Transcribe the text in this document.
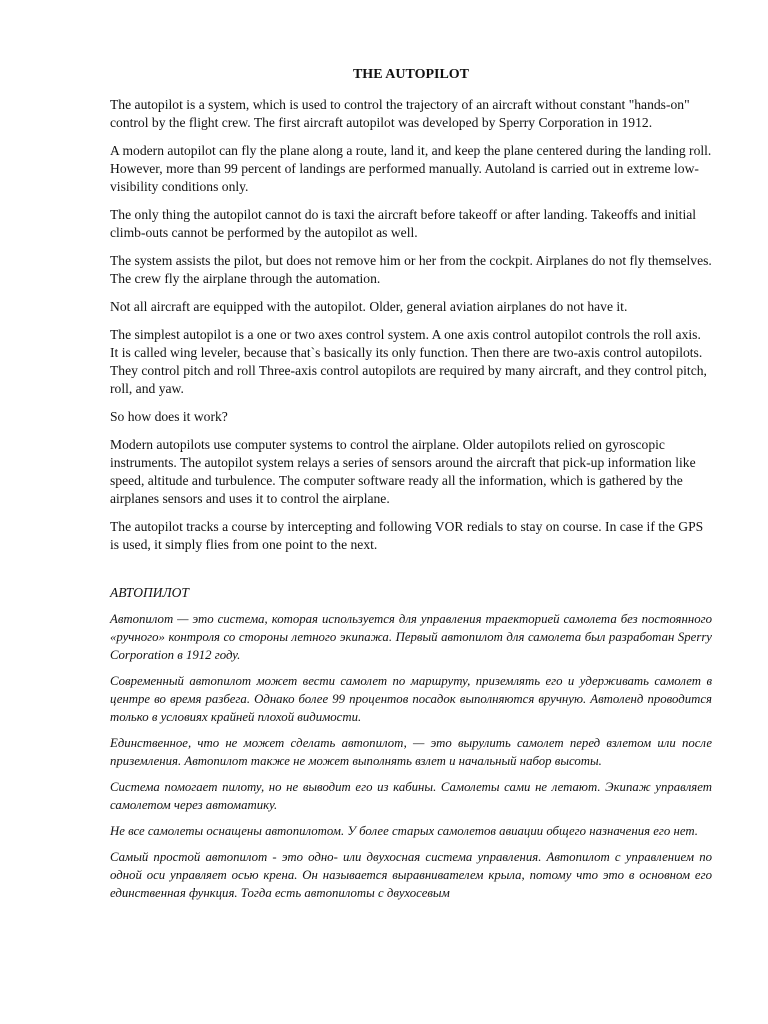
THE AUTOPILOT

The autopilot is a system, which is used to control the trajectory of an aircraft without constant "hands-on" control by the flight crew. The first aircraft autopilot was developed by Sperry Corporation in 1912.

A modern autopilot can fly the plane along a route, land it, and keep the plane centered during the landing roll. However, more than 99 percent of landings are performed manually. Autoland is carried out in extreme low-visibility conditions only.

The only thing the autopilot cannot do is taxi the aircraft before takeoff or after landing. Takeoffs and initial climb-outs cannot be performed by the autopilot as well.

The system assists the pilot, but does not remove him or her from the cockpit. Airplanes do not fly themselves. The crew fly the airplane through the automation.

Not all aircraft are equipped with the autopilot. Older, general aviation airplanes do not have it.

The simplest autopilot is a one or two axes control system. A one axis control autopilot controls the roll axis. It is called wing leveler, because that`s basically its only function. Then there are two-axis control autopilots. They control pitch and roll Three-axis control autopilots are required by many aircraft, and they control pitch, roll, and yaw.

So how does it work?

Modern autopilots use computer systems to control the airplane. Older autopilots relied on gyroscopic instruments. The autopilot system relays a series of sensors around the aircraft that pick-up information like speed, altitude and turbulence. The computer software ready all the information, which is gathered by the airplanes sensors and uses it to control the airplane.

The autopilot tracks a course by intercepting and following VOR redials to stay on course. In case if the GPS is used, it simply flies from one point to the next.

АВТОПИЛОТ

Автопилот — это система, которая используется для управления траекторией самолета без постоянного «ручного» контроля со стороны летного экипажа. Первый автопилот для самолета был разработан Sperry Corporation в 1912 году.

Современный автопилот может вести самолет по маршруту, приземлять его и удерживать самолет в центре во время разбега. Однако более 99 процентов посадок выполняются вручную. Автоленд проводится только в условиях крайней плохой видимости.

Единственное, что не может сделать автопилот, — это вырулить самолет перед взлетом или после приземления. Автопилот также не может выполнять взлет и начальный набор высоты.

Система помогает пилоту, но не выводит его из кабины. Самолеты сами не летают. Экипаж управляет самолетом через автоматику.

Не все самолеты оснащены автопилотом. У более старых самолетов авиации общего назначения его нет.

Самый простой автопилот - это одно- или двухосная система управления. Автопилот с управлением по одной оси управляет осью крена. Он называется выравнивателем крыла, потому что это в основном его единственная функция. Тогда есть автопилоты с двухосевым
